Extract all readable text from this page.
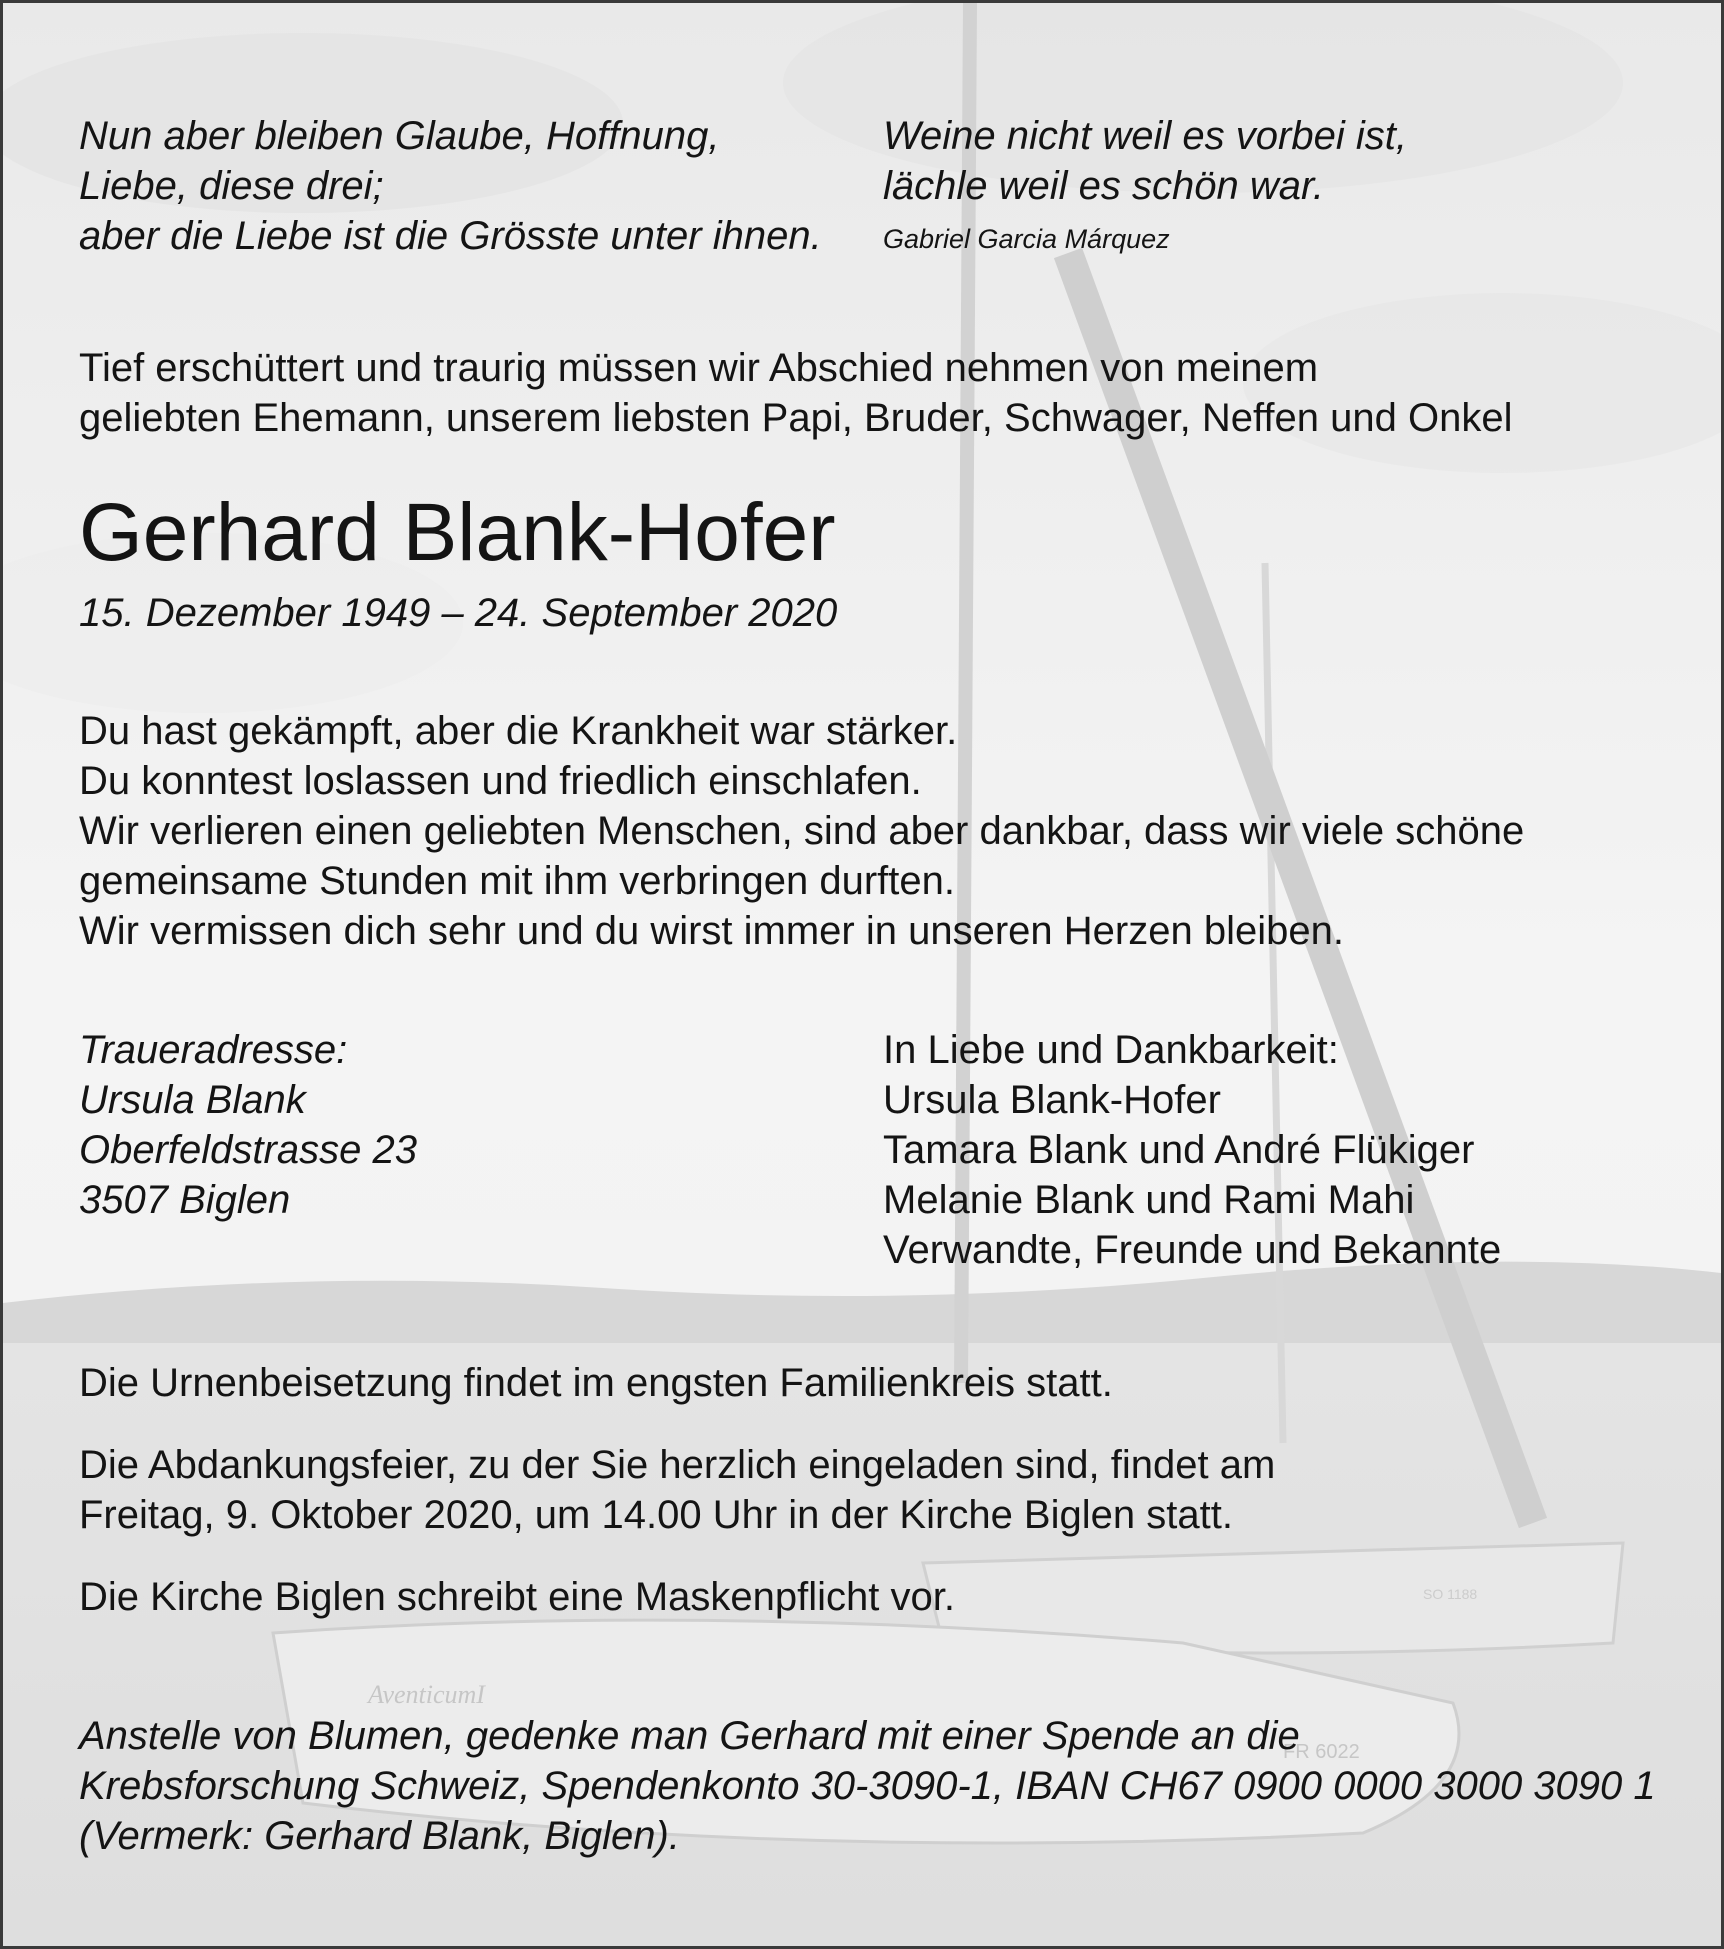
AventicumI
FR 6022
SO 1188

Nun aber bleiben Glaube, Hoffnung,

Liebe, diese drei;

aber die Liebe ist die Grösste unter ihnen.

Weine nicht weil es vorbei ist,

lächle weil es schön war.

Gabriel Garcia Márquez

Tief erschüttert und traurig müssen wir Abschied nehmen von meinem

geliebten Ehemann, unserem liebsten Papi, Bruder, Schwager, Neffen und Onkel

Gerhard Blank-Hofer

15. Dezember 1949 – 24. September 2020

Du hast gekämpft, aber die Krankheit war stärker.

Du konntest loslassen und friedlich einschlafen.

Wir verlieren einen geliebten Menschen, sind aber dankbar, dass wir viele schöne

gemeinsame Stunden mit ihm verbringen durften.

Wir vermissen dich sehr und du wirst immer in unseren Herzen bleiben.

Traueradresse:

Ursula Blank

Oberfeldstrasse 23

3507 Biglen

In Liebe und Dankbarkeit:

Ursula Blank-Hofer

Tamara Blank und André Flükiger

Melanie Blank und Rami Mahi

Verwandte, Freunde und Bekannte

Die Urnenbeisetzung findet im engsten Familienkreis statt.

Die Abdankungsfeier, zu der Sie herzlich eingeladen sind, findet am

Freitag, 9. Oktober 2020, um 14.00 Uhr in der Kirche Biglen statt.

Die Kirche Biglen schreibt eine Maskenpflicht vor.

Anstelle von Blumen, gedenke man Gerhard mit einer Spende an die

Krebsforschung Schweiz, Spendenkonto 30-3090-1, IBAN CH67 0900 0000 3000 3090 1

(Vermerk: Gerhard Blank, Biglen).
